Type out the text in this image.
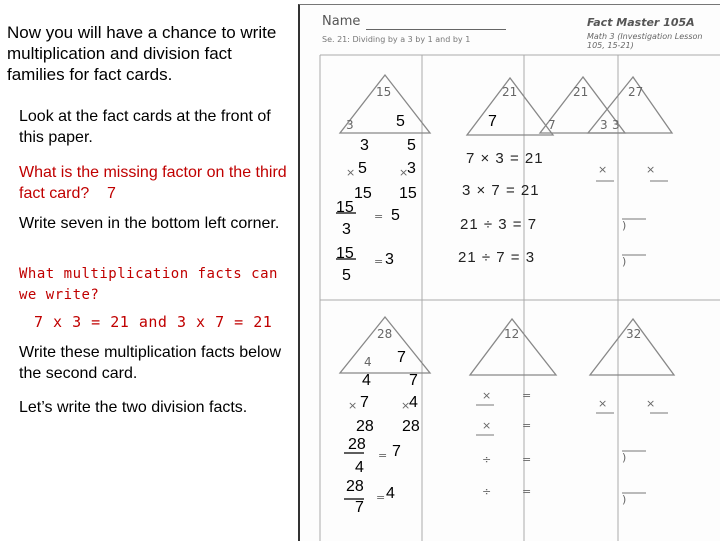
Now you will have a chance to write multiplication and division fact families for fact cards.
Look at the fact cards at the front of this paper.
What is the missing factor on the third fact card? 7
Write seven in the bottom left corner.
What multiplication facts can we write?
7 x 3 = 21 and 3 x 7 = 21
Write these multiplication facts below the second card.
Let’s write the two division facts.
Name
Se. 21: Dividing by a 3 by 1 and by 1
Fact Master 105A
Math 3 (Investigation Lesson 105, 15-21)
15
3
21	21
7	3
27
3
5	7
28
4 7
12	32
3
× 5
15
5
×
3
15
15
= 5
3
15 = 3
5
7 × 3 = 21
3 × 7 = 21
21 ÷ 3 = 7
21 ÷ 7 = 3
×	×
)
)
4
× 7
28
7
×
4
28
28
= 7
4
28
= 4
7
×	=
×	=
÷	=
÷	=
×	×
)
)
